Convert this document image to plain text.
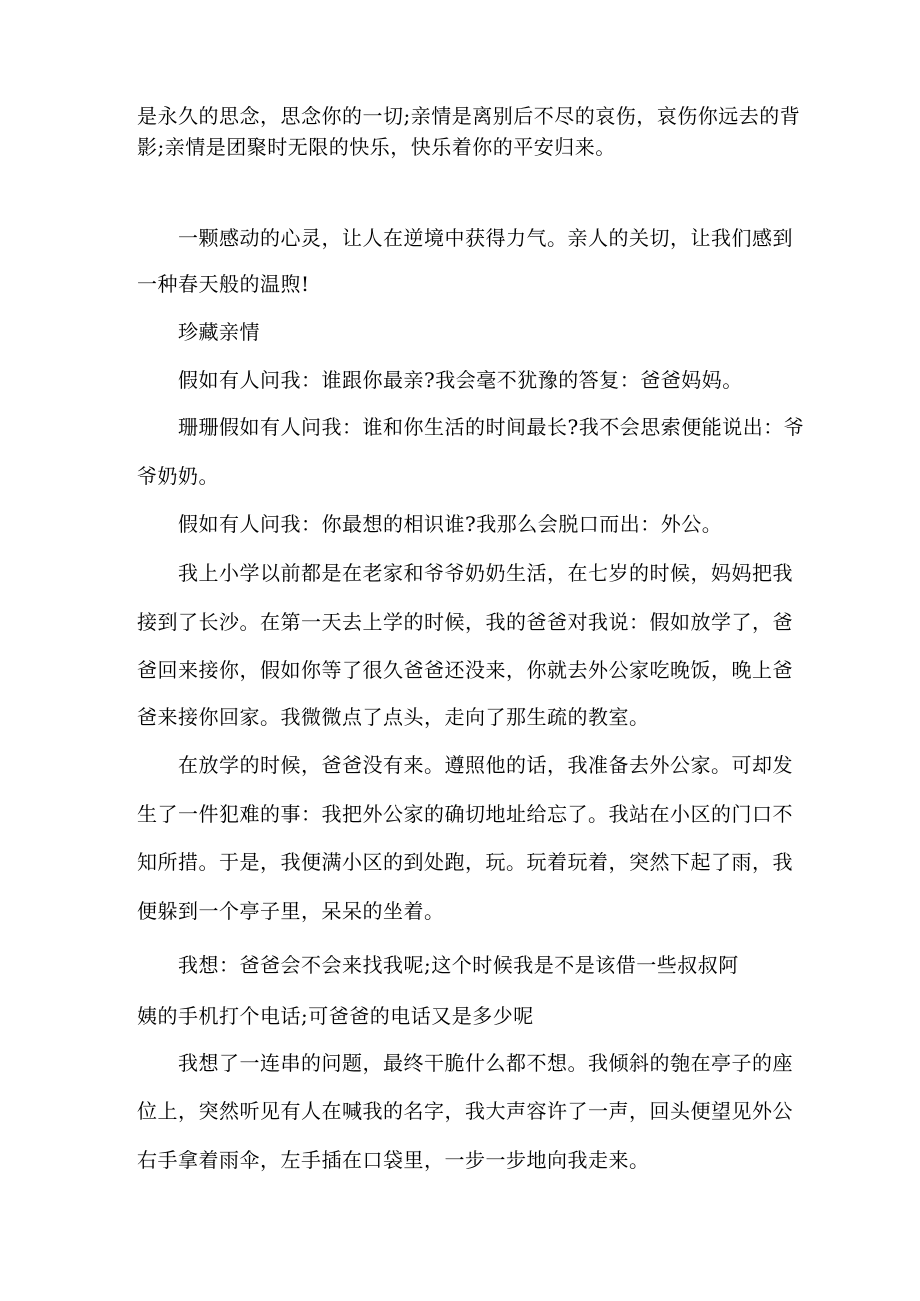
是永久的思念，思念你的一切;亲情是离别后不尽的哀伤，哀伤你远去的背
影;亲情是团聚时无限的快乐，快乐着你的平安归来。
一颗感动的心灵，让人在逆境中获得力气。亲人的关切，让我们感到
一种春天般的温煦!
珍藏亲情
假如有人问我：谁跟你最亲?我会毫不犹豫的答复：爸爸妈妈。
珊珊假如有人问我：谁和你生活的时间最长?我不会思索便能说出：爷
爷奶奶。
假如有人问我：你最想的相识谁?我那么会脱口而出：外公。
我上小学以前都是在老家和爷爷奶奶生活，在七岁的时候，妈妈把我
接到了长沙。在第一天去上学的时候，我的爸爸对我说：假如放学了，爸
爸回来接你，假如你等了很久爸爸还没来，你就去外公家吃晚饭，晚上爸
爸来接你回家。我微微点了点头，走向了那生疏的教室。
在放学的时候，爸爸没有来。遵照他的话，我准备去外公家。可却发
生了一件犯难的事：我把外公家的确切地址给忘了。我站在小区的门口不
知所措。于是，我便满小区的到处跑，玩。玩着玩着，突然下起了雨，我
便躲到一个亭子里，呆呆的坐着。
我想：爸爸会不会来找我呢;这个时候我是不是该借一些叔叔阿
姨的手机打个电话;可爸爸的电话又是多少呢
我想了一连串的问题，最终干脆什么都不想。我倾斜的匏在亭子的座
位上，突然听见有人在喊我的名字，我大声容许了一声，回头便望见外公
右手拿着雨伞，左手插在口袋里，一步一步地向我走来。
